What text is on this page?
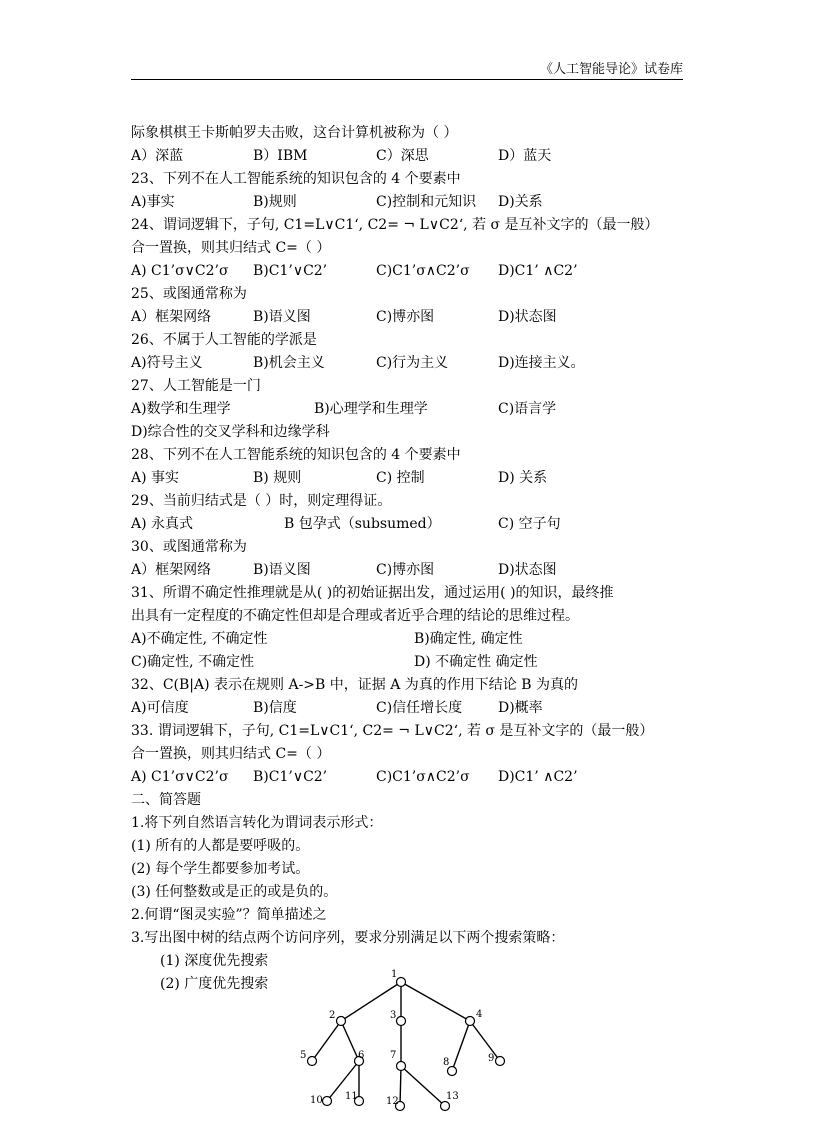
《人工智能导论》试卷库
际象棋棋王卡斯帕罗夫击败，这台计算机被称为（ ）
A）深蓝	B）IBM	C）深思	D）蓝天
23、下列不在人工智能系统的知识包含的 4 个要素中
A)事实	B)规则	C)控制和元知识 D)关系
24、谓词逻辑下，子句, C1=L∨C1‘, C2= ¬ L∨C2‘, 若 σ 是互补文字的（最一般）
合一置换，则其归结式 C=（ ）
A) C1’σ∨C2’σ B)C1’∨C2’	C)C1’σ∧C2’σ D)C1’ ∧C2’
25、或图通常称为
A）框架网络	B)语义图	C)博亦图	D)状态图
26、不属于人工智能的学派是
A)符号主义	B)机会主义	C)行为主义	D)连接主义。
27、人工智能是一门
A)数学和生理学	B)心理学和生理学	C)语言学
D)综合性的交叉学科和边缘学科
28、下列不在人工智能系统的知识包含的 4 个要素中
A) 事实	B) 规则	C) 控制	D) 关系
29、当前归结式是（ ）时，则定理得证。
A) 永真式	B 包孕式（subsumed）	C) 空子句
30、或图通常称为
A）框架网络	B)语义图	C)博亦图	D)状态图
31、所谓不确定性推理就是从( )的初始证据出发，通过运用( )的知识，最终推
出具有一定程度的不确定性但却是合理或者近乎合理的结论的思维过程。
A)不确定性, 不确定性	B)确定性, 确定性
C)确定性, 不确定性	D) 不确定性 确定性
32、C(B|A) 表示在规则 A->B 中，证据 A 为真的作用下结论 B 为真的
A)可信度	B)信度	C)信任增长度	D)概率
33. 谓词逻辑下，子句, C1=L∨C1‘, C2= ¬ L∨C2‘, 若 σ 是互补文字的（最一般）
合一置换，则其归结式 C=（ ）
A) C1’σ∨C2’σ B)C1’∨C2’	C)C1’σ∧C2’σ D)C1’ ∧C2’
二、简答题
1.将下列自然语言转化为谓词表示形式：
(1) 所有的人都是要呼吸的。
(2) 每个学生都要参加考试。
(3) 任何整数或是正的或是负的。
2.何谓“图灵实验”？简单描述之
3.写出图中树的结点两个访问序列，要求分别满足以下两个搜索策略：
(1) 深度优先搜索
(2) 广度优先搜索
1
2	3	4
5	6	7
8	9
10 11	12	13
